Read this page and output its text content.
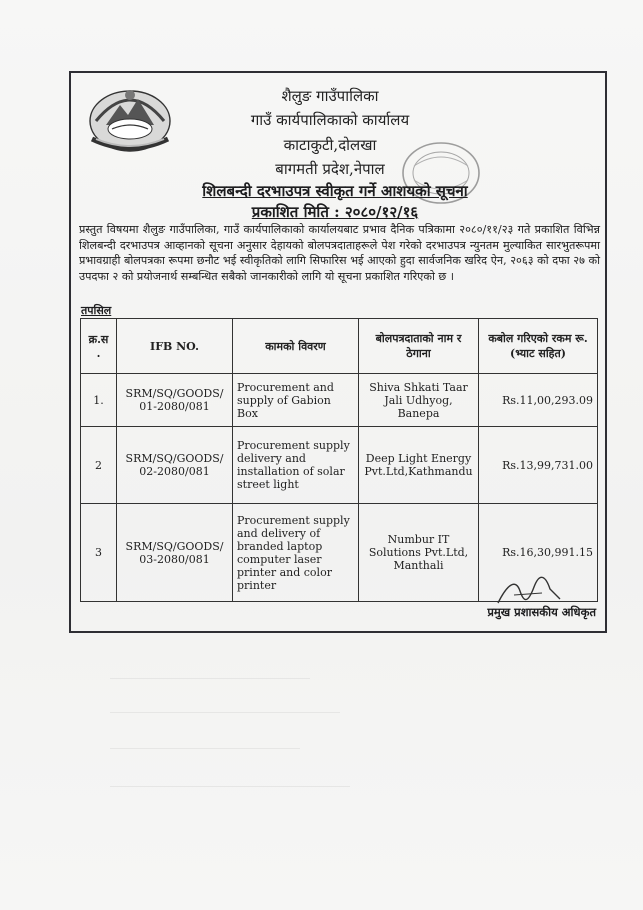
शैलुङ गाउँपालिका
गाउँ कार्यपालिकाको कार्यालय
काटाकुटी,दोलखा
बागमती प्रदेश,नेपाल
शिलबन्दी दरभाउपत्र स्वीकृत गर्ने आशयको सूचना
प्रकाशित मिति : २०८०/१२/१६
प्रस्तुत विषयमा शैलुङ गाउँपालिका, गाउँ कार्यपालिकाको कार्यालयबाट प्रभाव दैनिक पत्रिकामा २०८०/११/२३ गते प्रकाशित विभिन्न शिलबन्दी दरभाउपत्र आव्हानको सूचना अनुसार देहायको बोलपत्रदाताहरूले पेश गरेको दरभाउपत्र न्युनतम मुल्याकित सारभुतरूपमा प्रभावग्राही बोलपत्रका रूपमा छनौट भई स्वीकृतिको लागि सिफारिस भई आएको हुदा सार्वजनिक खरिद ऐन, २०६३ को दफा २७ को उपदफा २ को प्रयोजनार्थ सम्बन्धित सबैको जानकारीको लागि यो सूचना प्रकाशित गरिएको छ ।
तपसिल
क्र.स .	IFB NO.	कामको विवरण	बोलपत्रदाताको नाम र ठेगाना	कबोल गरिएको रकम रू. (भ्याट सहित)
1.	SRM/SQ/GOODS/ 01-2080/081	Procurement and supply of Gabion Box	Shiva Shkati Taar Jali Udhyog, Banepa	Rs.11,00,293.09
2	SRM/SQ/GOODS/ 02-2080/081	Procurement supply delivery and installation of solar street light	Deep Light Energy Pvt.Ltd,Kathmandu	Rs.13,99,731.00
3	SRM/SQ/GOODS/ 03-2080/081	Procurement supply and delivery of branded laptop computer laser printer and color printer	Numbur IT Solutions Pvt.Ltd, Manthali	Rs.16,30,991.15
प्रमुख प्रशासकीय अधिकृत
